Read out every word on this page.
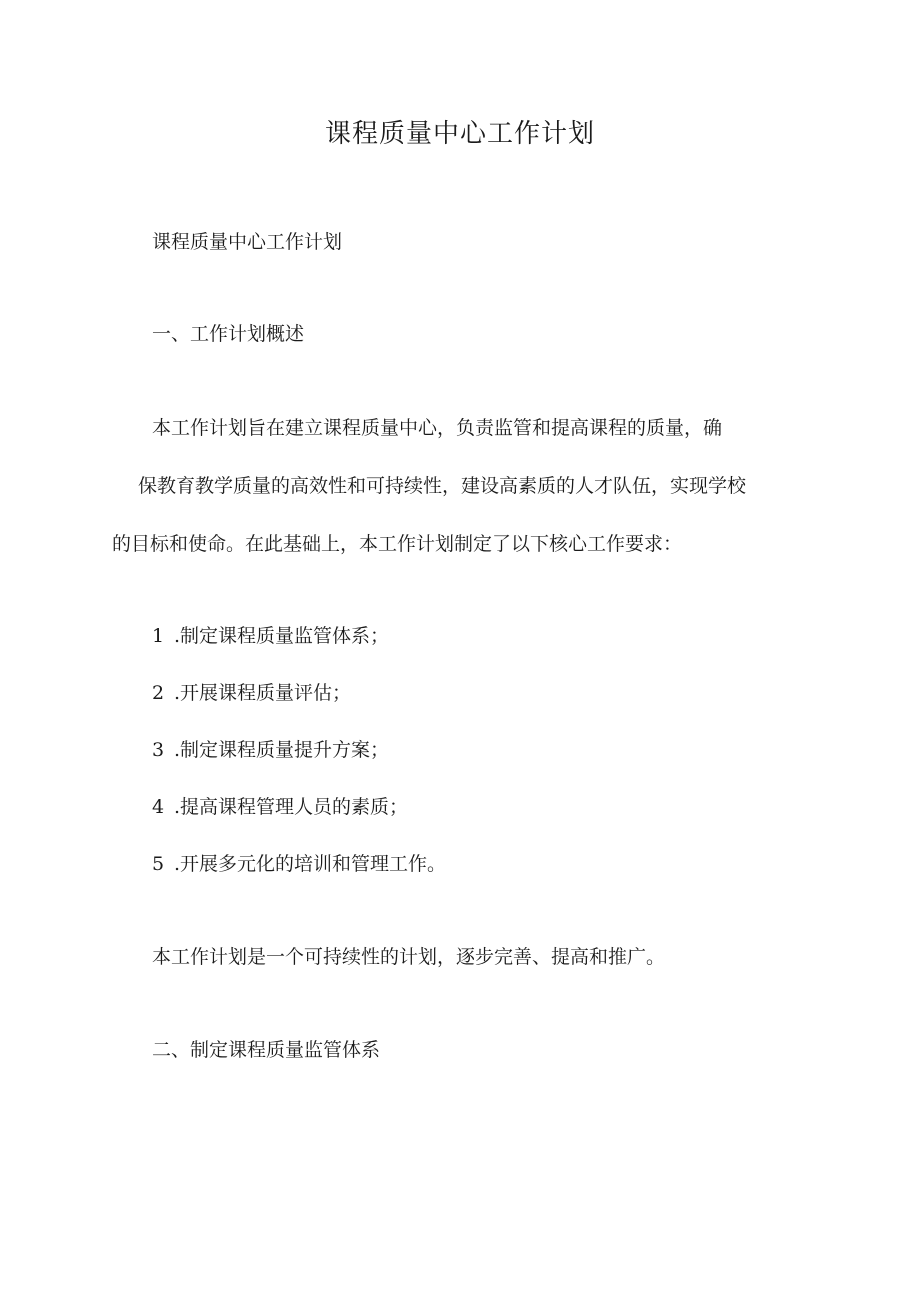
课程质量中心工作计划

课程质量中心工作计划

一、工作计划概述

本工作计划旨在建立课程质量中心，负责监管和提高课程的质量，确

保教育教学质量的高效性和可持续性，建设高素质的人才队伍，实现学校

的目标和使命。在此基础上，本工作计划制定了以下核心工作要求：

1 .制定课程质量监管体系；

2 .开展课程质量评估；

3 .制定课程质量提升方案；

4 .提高课程管理人员的素质；

5 .开展多元化的培训和管理工作。

本工作计划是一个可持续性的计划，逐步完善、提高和推广。

二、制定课程质量监管体系
